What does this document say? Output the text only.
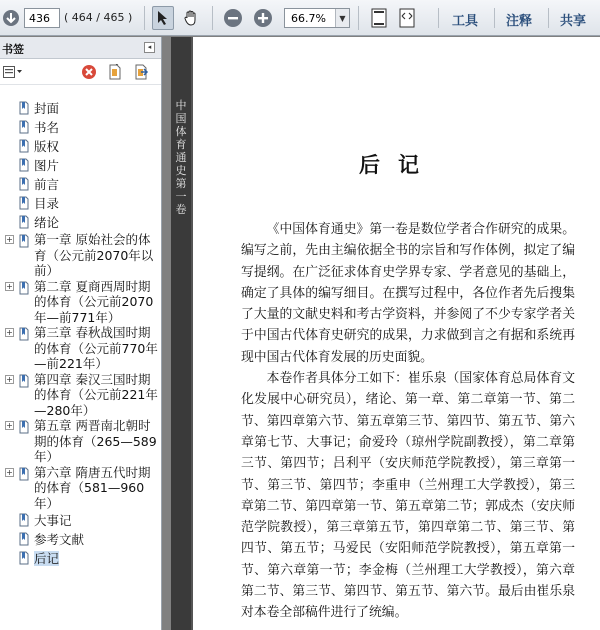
436
( 464 / 465 )	66.7%	▼	工具 注释 共享
书签	◂
封面
书名
版权
图片
前言
目录
绪论
+ 第一章 原始社会的体育（公元前2070年以前）
+ 第二章 夏商西周时期的体育（公元前2070年—前771年）
+ 第三章 春秋战国时期的体育（公元前770年—前221年）
+ 第四章 秦汉三国时期的体育（公元前221年—280年）
+ 第五章 两晋南北朝时期的体育（265—589年）
+ 第六章 隋唐五代时期的体育（581—960年）
大事记
参考文献
后记
中国体育通史 第一卷
后记

《中国体育通史》第一卷是数位学者合作研究的成果。编写之前，先由主编依据全书的宗旨和写作体例，拟定了编写提纲。在广泛征求体育史学界专家、学者意见的基础上，确定了具体的编写细目。在撰写过程中，各位作者先后搜集了大量的文献史料和考古学资料，并参阅了不少专家学者关于中国古代体育史研究的成果，力求做到言之有据和系统再现中国古代体育发展的历史面貌。

本卷作者具体分工如下：崔乐泉（国家体育总局体育文化发展中心研究员），绪论、第一章、第二章第一节、第二节、第四章第六节、第五章第三节、第四节、第五节、第六章第七节、大事记；俞爱玲（琼州学院副教授），第二章第三节、第四节；吕利平（安庆师范学院教授），第三章第一节、第三节、第四节；李重申（兰州理工大学教授），第三章第二节、第四章第一节、第五章第二节；郭成杰（安庆师范学院教授），第三章第五节，第四章第二节、第三节、第四节、第五节；马爱民（安阳师范学院教授），第五章第一节、第六章第一节；李金梅（兰州理工大学教授），第六章第二节、第三节、第四节、第五节、第六节。最后由崔乐泉对本卷全部稿件进行了统编。
